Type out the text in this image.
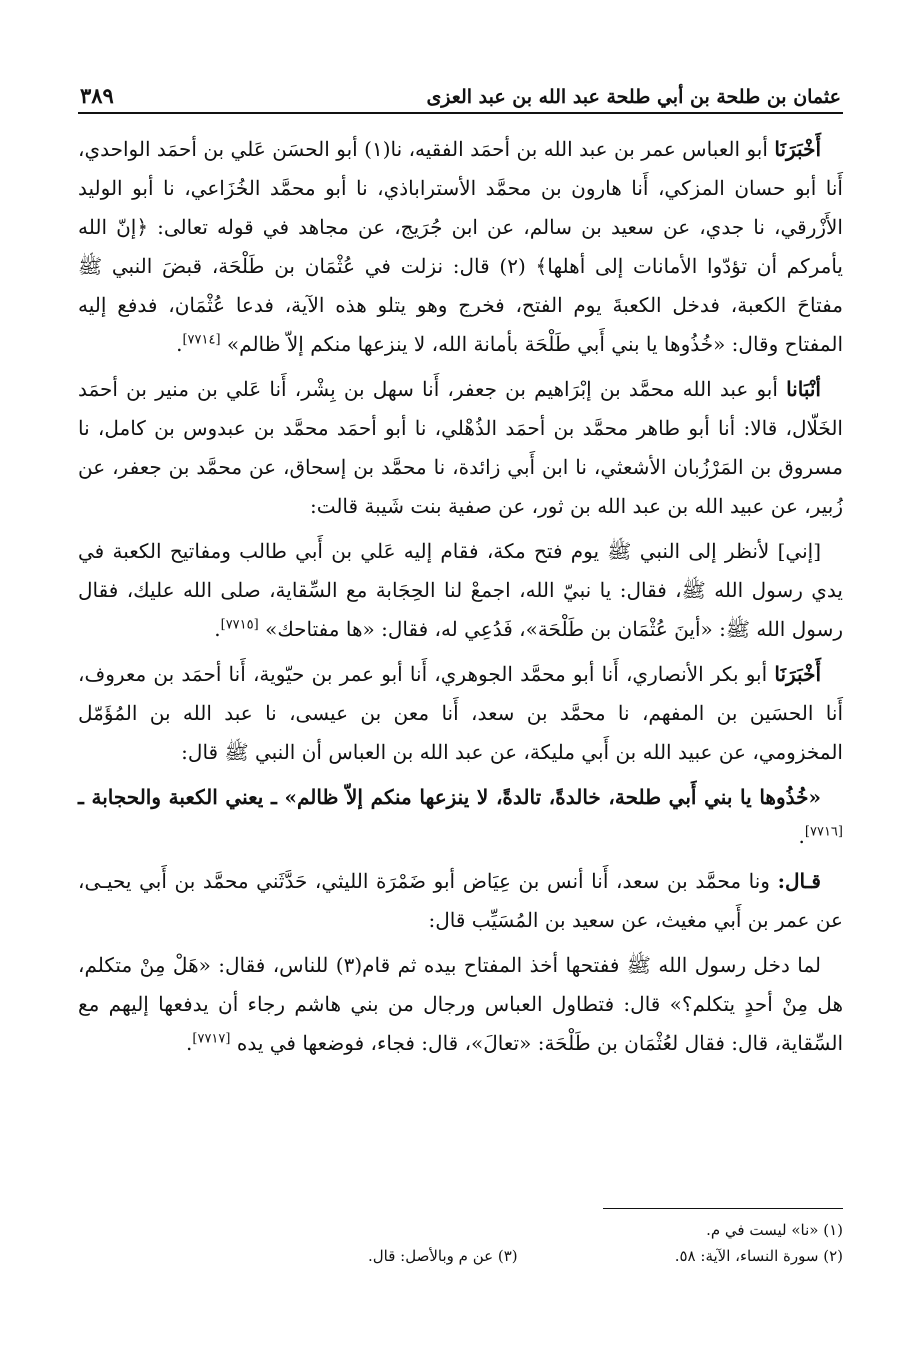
عثمان بن طلحة بن أبي طلحة عبد الله بن عبد العزى
٣٨٩

أَخْبَرَنَا أبو العباس عمر بن عبد الله بن أحمَد الفقيه، نا(١) أبو الحسَن عَلي بن أحمَد الواحدي، أَنا أبو حسان المزكي، أَنا هارون بن محمَّد الأستراباذي، نا أبو محمَّد الخُزَاعي، نا أبو الوليد الأَزْرقي، نا جدي، عن سعيد بن سالم، عن ابن جُرَيج، عن مجاهد في قوله تعالى: ﴿إنّ الله يأمركم أن تؤدّوا الأمانات إلى أهلها﴾ (٢) قال: نزلت في عُثْمَان بن طَلْحَة، قبضَ النبي ﷺ مفتاحَ الكعبة، فدخل الكعبةَ يوم الفتح، فخرج وهو يتلو هذه الآية، فدعا عُثْمَان، فدفع إليه المفتاح وقال: «خُذُوها يا بني أَبي طَلْحَة بأمانة الله، لا ينزعها منكم إلاّ ظالم» [٧٧١٤].

أنْبَانا أبو عبد الله محمَّد بن إبْرَاهيم بن جعفر، أَنا سهل بن بِشْر، أَنا عَلي بن منير بن أحمَد الخَلّال، قالا: أنا أبو طاهر محمَّد بن أحمَد الذُهْلي، نا أبو أحمَد محمَّد بن عبدوس بن كامل، نا مسروق بن المَرْزُبان الأشعثي، نا ابن أَبي زائدة، نا محمَّد بن إسحاق، عن محمَّد بن جعفر، عن زُبير، عن عبيد الله بن عبد الله بن ثور، عن صفية بنت شَيبة قالت:

[إني] لأنظر إلى النبي ﷺ يوم فتح مكة، فقام إليه عَلي بن أَبي طالب ومفاتيح الكعبة في يدي رسول الله ﷺ، فقال: يا نبيّ الله، اجمعْ لنا الحِجَابة مع السِّقاية، صلى الله عليك، فقال رسول الله ﷺ: «أينَ عُثْمَان بن طَلْحَة»، فَدُعِي له، فقال: «ها مفتاحك» [٧٧١٥].

أَخْبَرَنَا أبو بكر الأنصاري، أَنا أبو محمَّد الجوهري، أَنا أبو عمر بن حيّوية، أَنا أحمَد بن معروف، أَنا الحسَين بن المفهم، نا محمَّد بن سعد، أَنا معن بن عيسى، نا عبد الله بن المُؤَمّل المخزومي، عن عبيد الله بن أَبي مليكة، عن عبد الله بن العباس أن النبي ﷺ قال:

«خُذُوها يا بني أَبي طلحة، خالدةً، تالدةً، لا ينزعها منكم إلاّ ظالم» ـ يعني الكعبة والحجابة ـ [٧٧١٦].

قـال: ونا محمَّد بن سعد، أَنا أنس بن عِيَاض أبو ضَمْرَة الليثي، حَدَّثَني محمَّد بن أَبي يحيـى، عن عمر بن أَبي مغيث، عن سعيد بن المُسَيِّب قال:

لما دخل رسول الله ﷺ ففتحها أخذ المفتاح بيده ثم قام(٣) للناس، فقال: «هَلْ مِنْ متكلم، هل مِنْ أحدٍ يتكلم؟» قال: فتطاول العباس ورجال من بني هاشم رجاء أن يدفعها إليهم مع السِّقاية، قال: فقال لعُثْمَان بن طَلْحَة: «تعالَ»، قال: فجاء، فوضعها في يده [٧٧١٧].

(١) «نا» ليست في م.

(٢) سورة النساء، الآية: ٥٨.

(٣) عن م وبالأصل: قال.
